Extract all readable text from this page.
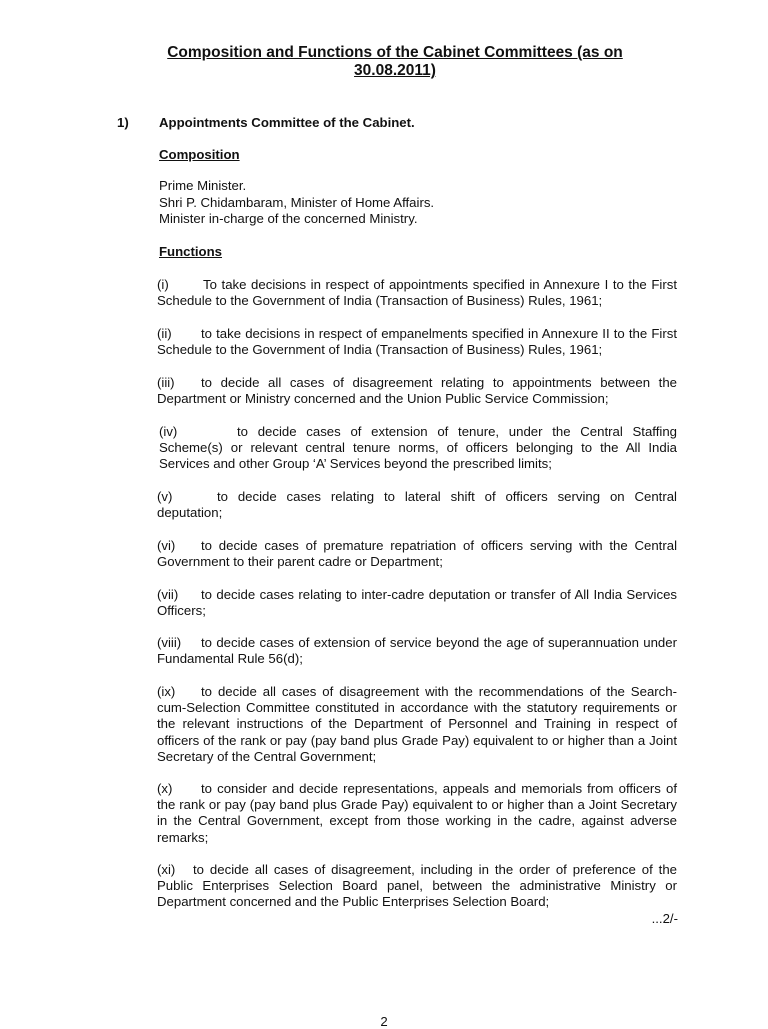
Composition and Functions of the Cabinet Committees (as on 30.08.2011)
1) Appointments Committee of the Cabinet.
Composition
Prime Minister.
Shri P. Chidambaram, Minister of Home Affairs.
Minister in-charge of the concerned Ministry.
Functions
(i)	To take decisions in respect of appointments specified in Annexure I to the First Schedule to the Government of India (Transaction of Business) Rules, 1961;
(ii) to take decisions in respect of empanelments specified in Annexure II to the First Schedule to the Government of India (Transaction of Business) Rules, 1961;
(iii) to decide all cases of disagreement relating to appointments between the Department or Ministry concerned and the Union Public Service Commission;
(iv)	to decide cases of extension of tenure, under the Central Staffing Scheme(s) or relevant central tenure norms, of officers belonging to the All India Services and other Group ‘A’ Services beyond the prescribed limits;
(v)	to decide cases relating to lateral shift of officers serving on Central deputation;
(vi) to decide cases of premature repatriation of officers serving with the Central Government to their parent cadre or Department;
(vii) to decide cases relating to inter-cadre deputation or transfer of All India Services Officers;
(viii) to decide cases of extension of service beyond the age of superannuation under Fundamental Rule 56(d);
(ix) to decide all cases of disagreement with the recommendations of the Search-cum-Selection Committee constituted in accordance with the statutory requirements or the relevant instructions of the Department of Personnel and Training in respect of officers of the rank or pay (pay band plus Grade Pay) equivalent to or higher than a Joint Secretary of the Central Government;
(x) to consider and decide representations, appeals and memorials from officers of the rank or pay (pay band plus Grade Pay) equivalent to or higher than a Joint Secretary in the Central Government, except from those working in the cadre, against adverse remarks;
(xi) to decide all cases of disagreement, including in the order of preference of the Public Enterprises Selection Board panel, between the administrative Ministry or Department concerned and the Public Enterprises Selection Board;
...2/-
2
